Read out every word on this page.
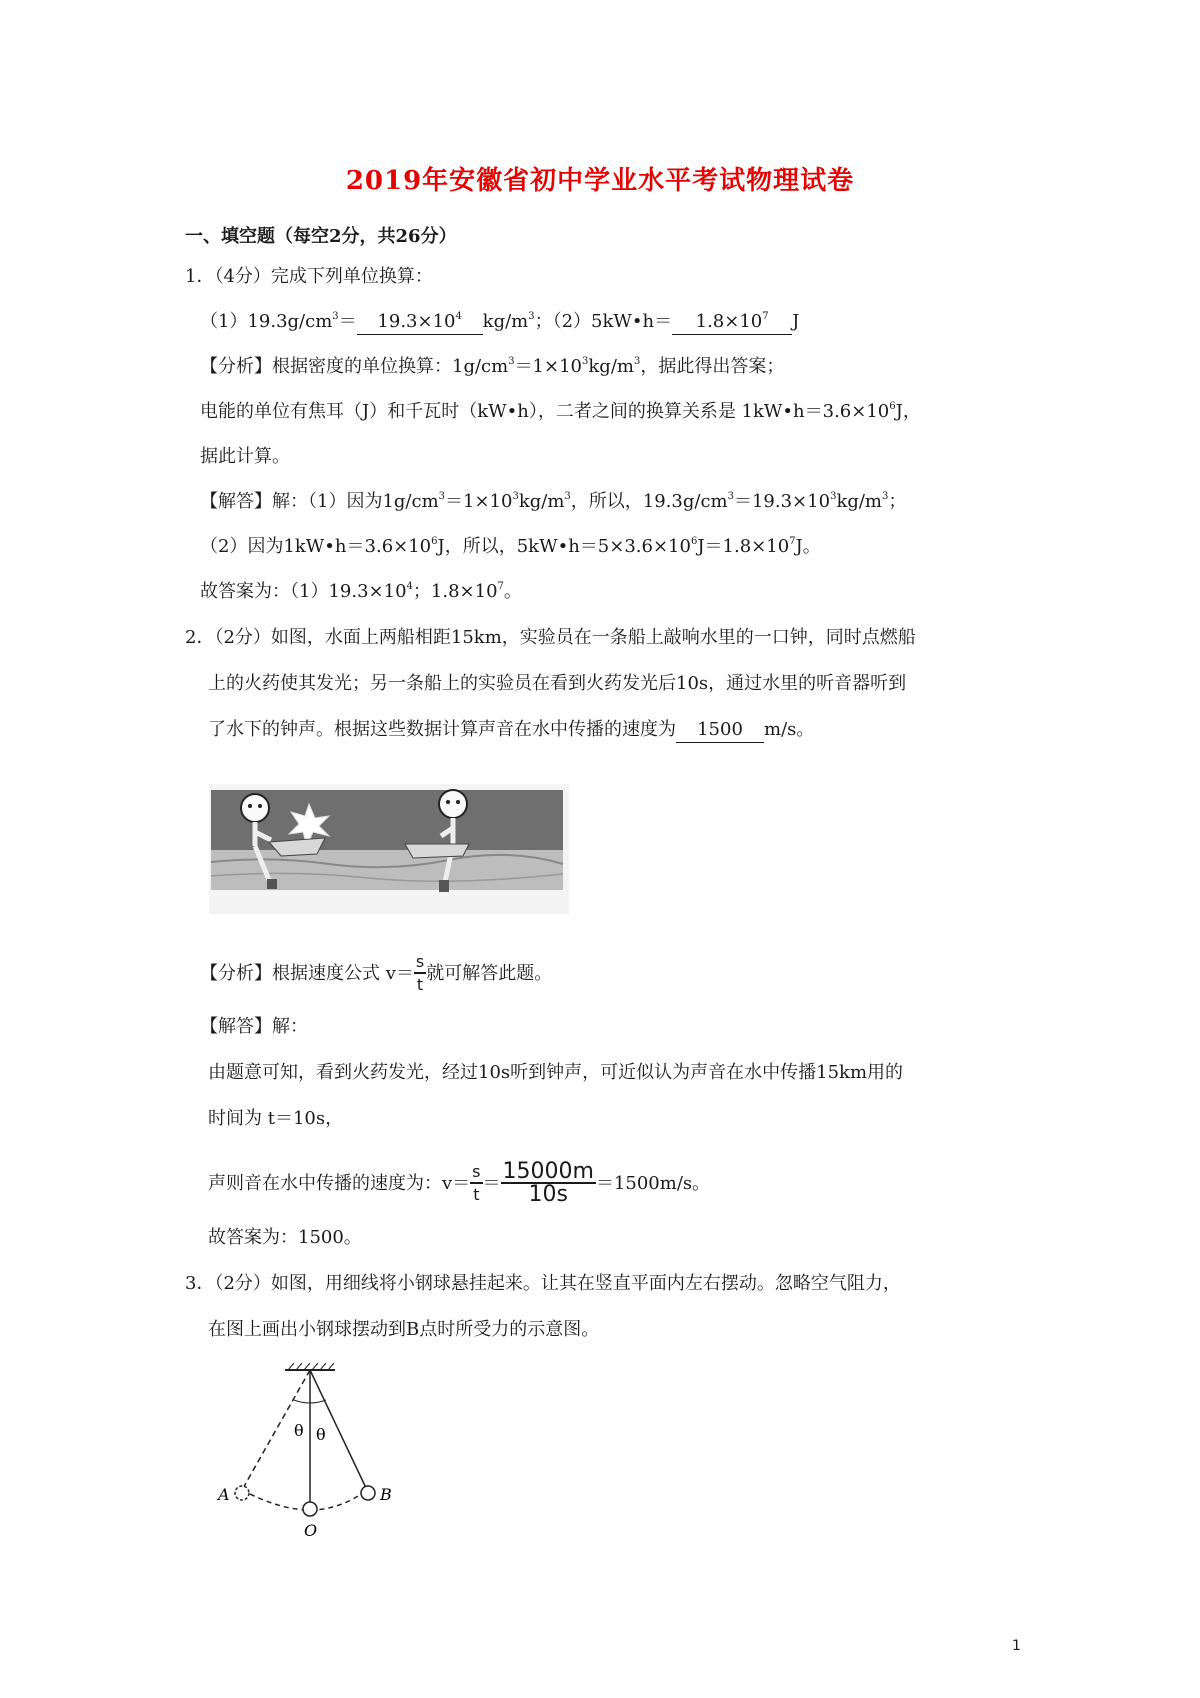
2019年安徽省初中学业水平考试物理试卷
一、填空题（每空2分，共26分）
1．（4分）完成下列单位换算：
$(1)19.3g/cm^3= 19.3\times 10^4$ $kg/m^3$；（2）5kW•h＝ $1.8\times 10^7$ J
【分析】根据密度的单位换算：$1g/cm^3=1\times 10^3kg/m^3$，据此得出答案；
电能的单位有焦耳（J）和千瓦时（kW•h），二者之间的换算关系是 $1kW•h=3.6\times 10^6J$，
据此计算。
【解答】解：（1）因为$1g/cm^3=1\times 10^3kg/m^3$，所以，$19.3g/cm^3=19.3\times 10^3kg/m^3$；
（2）因为$1kW•h=3.6\times 10^6J$，所以，$5kW•h=5\times 3.6\times 10^6J=1.8\times 10^7J$。
故答案为：$(1)19.3\times 10^4$；$1.8\times 10^7$。
2．（2分）如图，水面上两船相距15km，实验员在一条船上敲响水里的一口钟，同时点燃船
上的火药使其发光；另一条船上的实验员在看到火药发光后10s，通过水里的听音器听到
了水下的钟声。根据这些数据计算声音在水中传播的速度为 1500 m/s。
【分析】根据速度公式 $v= \frac{s}{t}$ 就可解答此题。
【解答】解：
由题意可知，看到火药发光，经过10s听到钟声，可近似认为声音在水中传播15km用的
时间为 t＝10s，
声则音在水中传播的速度为：$v= \frac{s}{t} = \frac{15000m}{10s} =1500m/s$。
故答案为：1500。
3．（2分）如图，用细线将小钢球悬挂起来。让其在竖直平面内左右摆动。忽略空气阻力，
在图上画出小钢球摆动到B点时所受力的示意图。
θ θ
A	B
O
1
